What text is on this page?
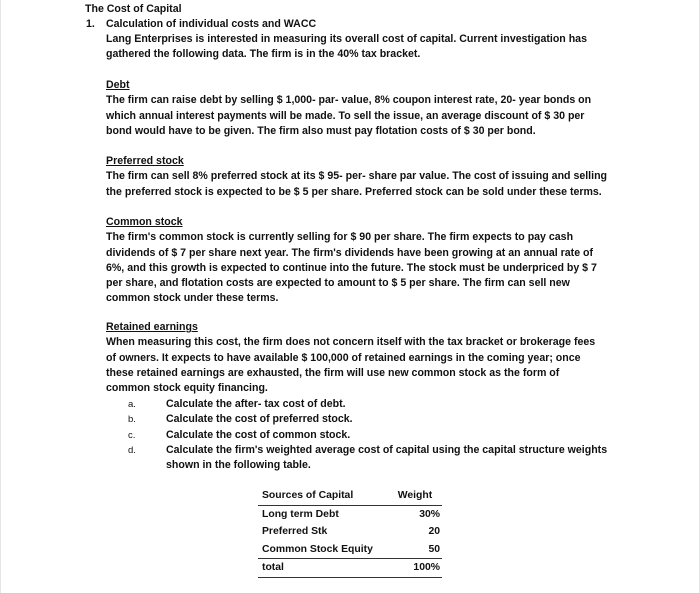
The Cost of Capital
1. Calculation of individual costs and WACC

Lang Enterprises is interested in measuring its overall cost of capital. Current investigation has

gathered the following data. The firm is in the 40% tax bracket.

Debt

The firm can raise debt by selling $ 1,000- par- value, 8% coupon interest rate, 20- year bonds on

which annual interest payments will be made. To sell the issue, an average discount of $ 30 per

bond would have to be given. The firm also must pay flotation costs of $ 30 per bond.

Preferred stock

The firm can sell 8% preferred stock at its $ 95- per- share par value. The cost of issuing and selling

the preferred stock is expected to be $ 5 per share. Preferred stock can be sold under these terms.

Common stock

The firm's common stock is currently selling for $ 90 per share. The firm expects to pay cash

dividends of $ 7 per share next year. The firm's dividends have been growing at an annual rate of

6%, and this growth is expected to continue into the future. The stock must be underpriced by $ 7

per share, and flotation costs are expected to amount to $ 5 per share. The firm can sell new

common stock under these terms.

Retained earnings

When measuring this cost, the firm does not concern itself with the tax bracket or brokerage fees

of owners. It expects to have available $ 100,000 of retained earnings in the coming year; once

these retained earnings are exhausted, the firm will use new common stock as the form of

common stock equity financing.

a.	Calculate the after- tax cost of debt.
b.	Calculate the cost of preferred stock.
c.	Calculate the cost of common stock.
d.	Calculate the firm's weighted average cost of capital using the capital structure weights shown in the following table.
Sources of Capital	Weight
Long term Debt	30%
Preferred Stk	20
Common Stock Equity	50
total	100%
